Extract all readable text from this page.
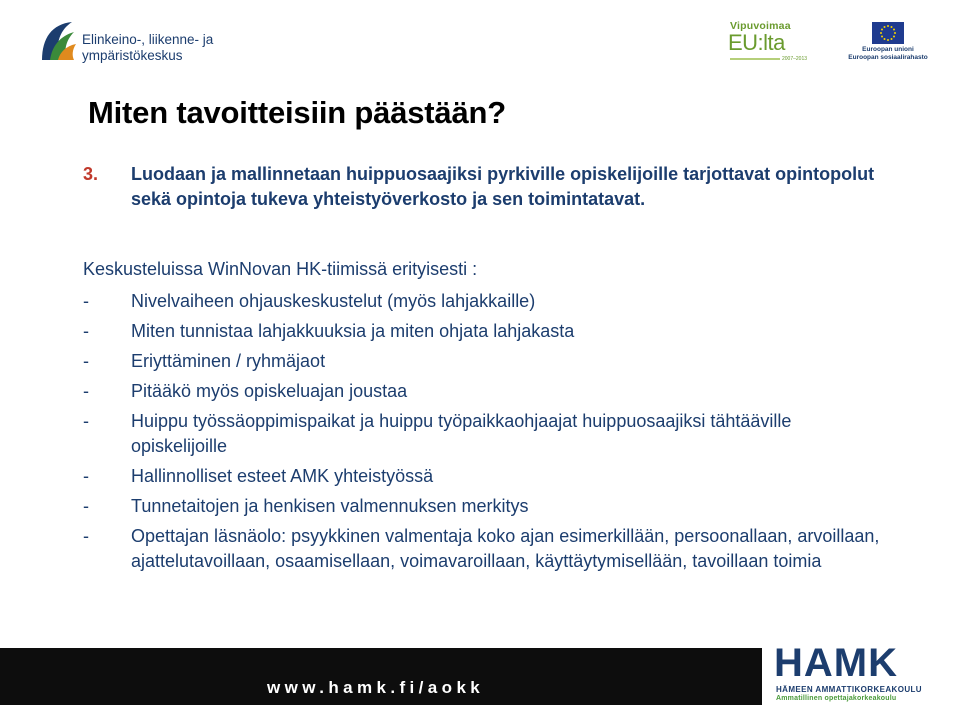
Elinkeino-, liikenne- ja
ympäristökeskus
Vipuvoimaa
EU:lta
2007–2013
Euroopan unioni
Euroopan sosiaalirahasto
Miten tavoitteisiin päästään?
3. Luodaan ja mallinnetaan huippuosaajiksi pyrkiville opiskelijoille tarjottavat opintopolut sekä opintoja tukeva yhteistyöverkosto ja sen toimintatavat.
Keskusteluissa WinNovan HK-tiimissä erityisesti :
- Nivelvaiheen ohjauskeskustelut (myös lahjakkaille)
- Miten tunnistaa lahjakkuuksia ja miten ohjata lahjakasta
- Eriyttäminen / ryhmäjaot
- Pitääkö myös opiskeluajan joustaa
- Huippu työssäoppimispaikat ja huippu työpaikkaohjaajat huippuosaajiksi tähtääville opiskelijoille
- Hallinnolliset esteet AMK yhteistyössä
- Tunnetaitojen ja henkisen valmennuksen merkitys
- Opettajan läsnäolo: psyykkinen valmentaja koko ajan esimerkillään, persoonallaan, arvoillaan, ajattelutavoillaan, osaamisellaan, voimavaroillaan, käyttäytymisellään, tavoillaan toimia
www.hamk.fi/aokk
HAMK
HÄMEEN AMMATTIKORKEAKOULU
Ammatillinen opettajakorkeakoulu
